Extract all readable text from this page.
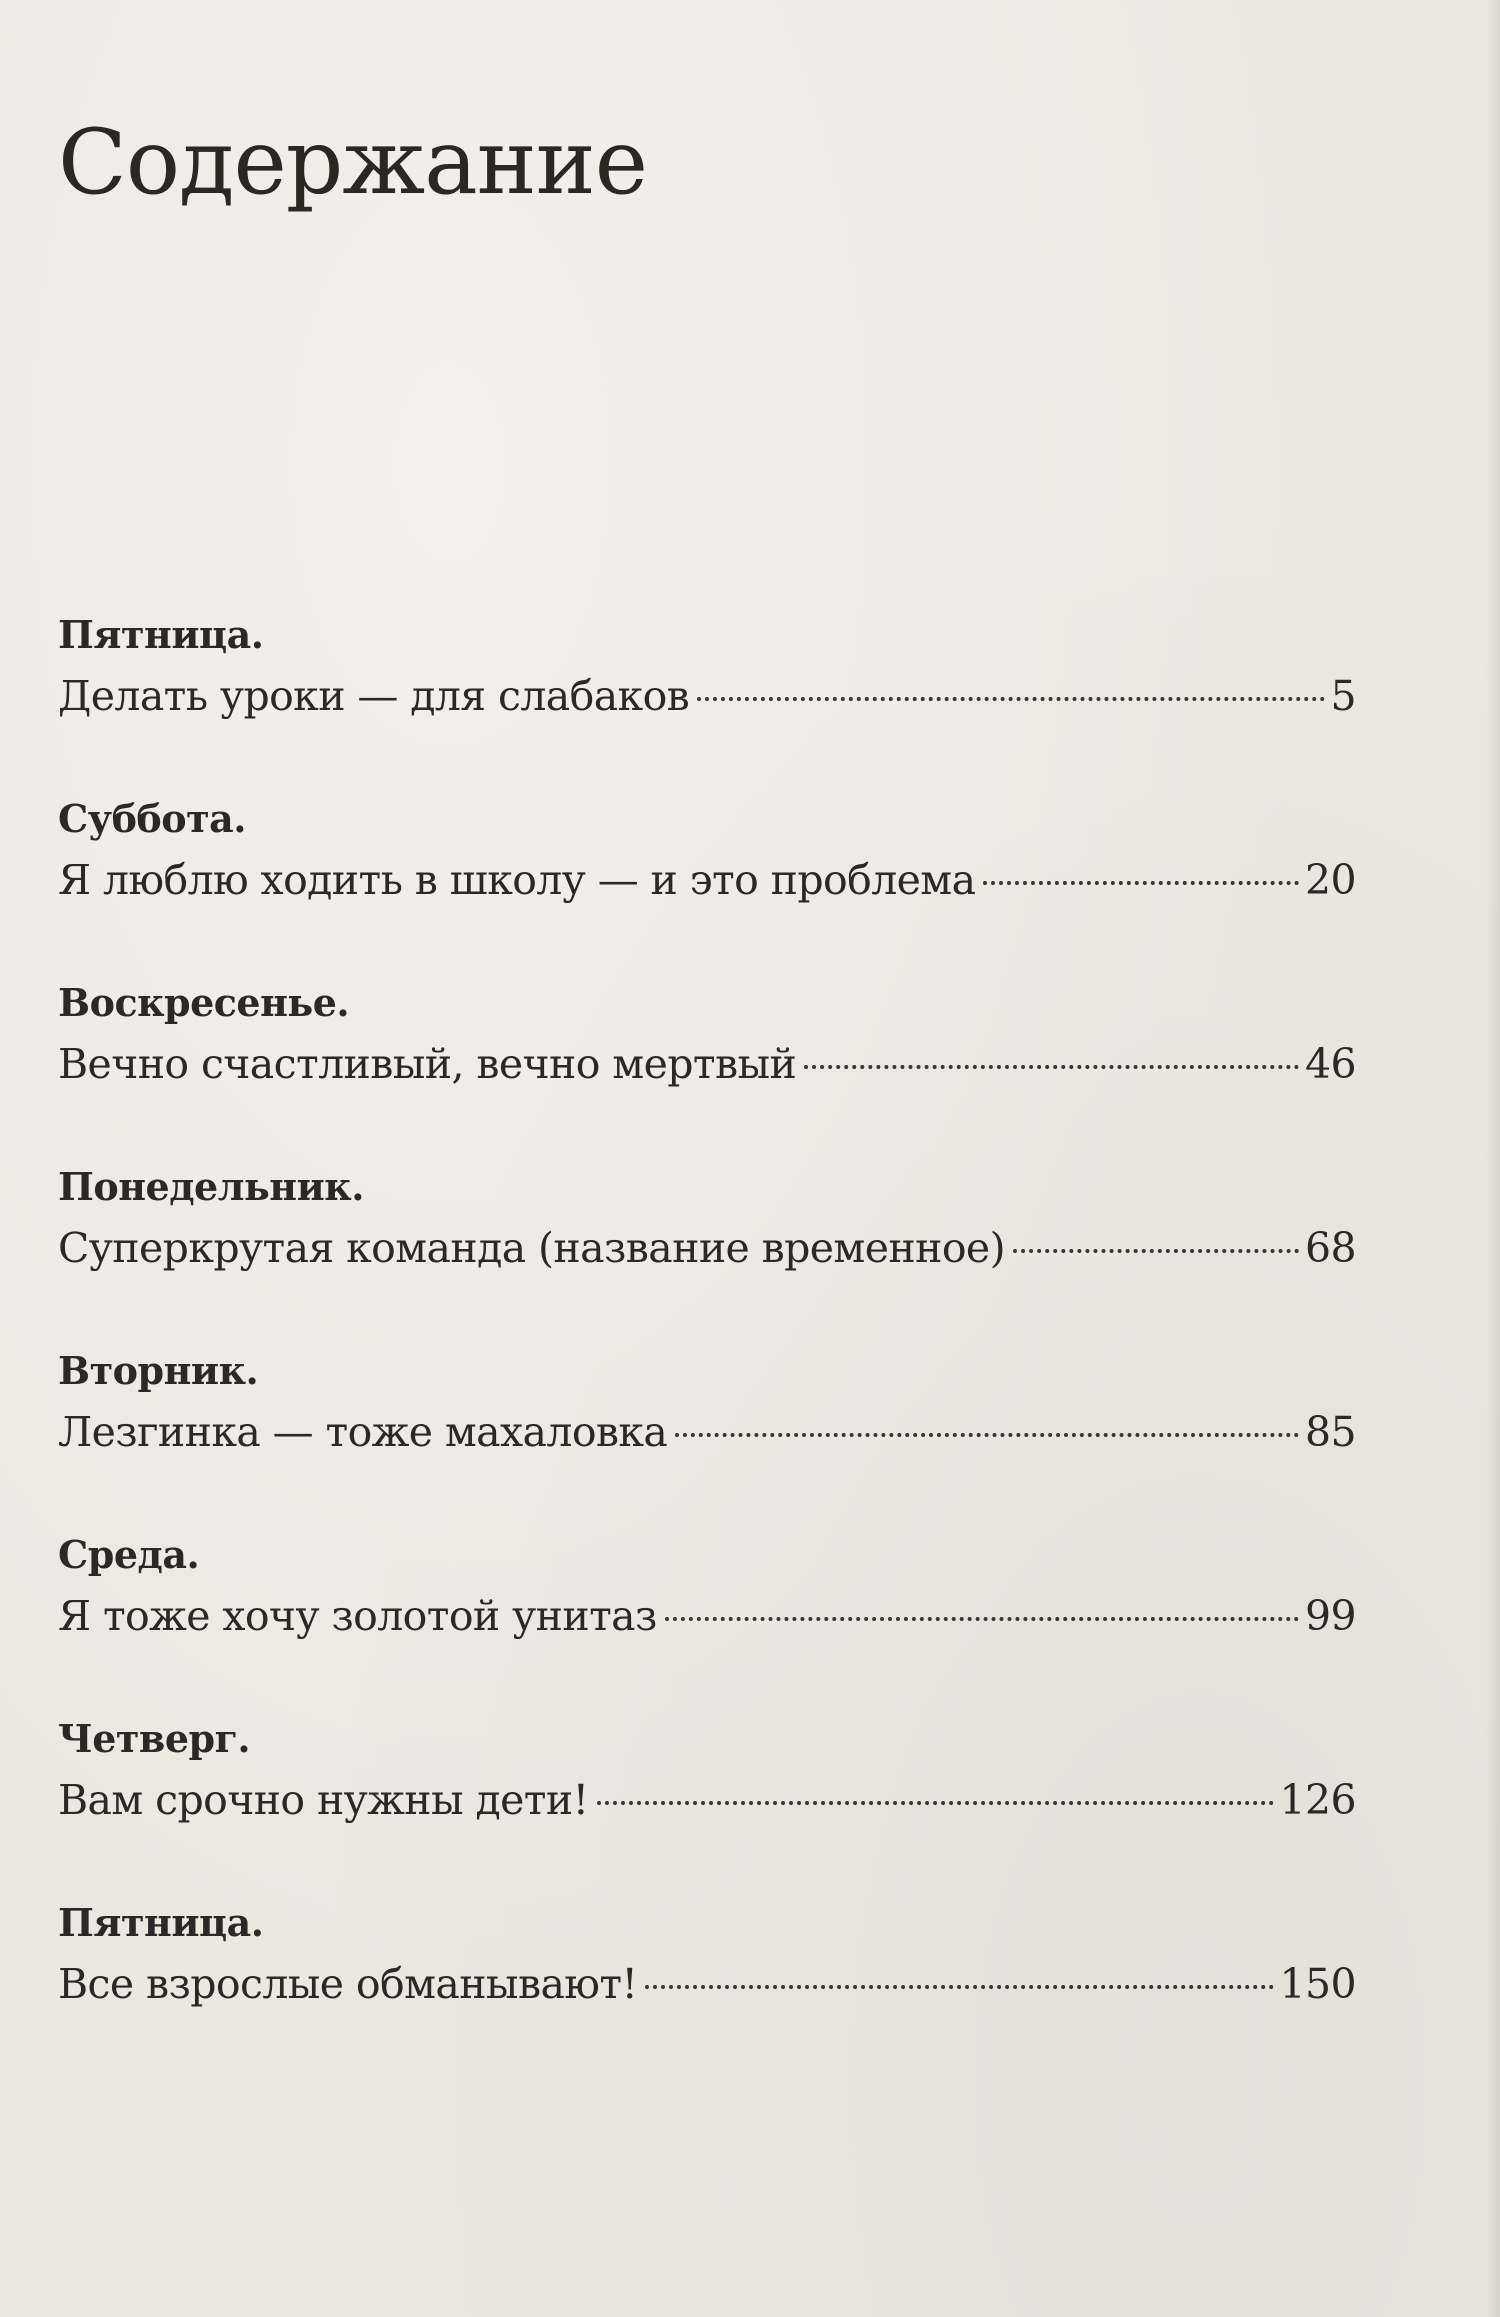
Содержание
Пятница.
Делать уроки — для слабаков	5
Суббота.
Я люблю ходить в школу — и это проблема	20
Воскресенье.
Вечно счастливый, вечно мертвый	46
Понедельник.
Суперкрутая команда (название временное)	68
Вторник.
Лезгинка — тоже махаловка	85
Среда.
Я тоже хочу золотой унитаз	99
Четверг.
Вам срочно нужны дети!	126
Пятница.
Все взрослые обманывают!	150
